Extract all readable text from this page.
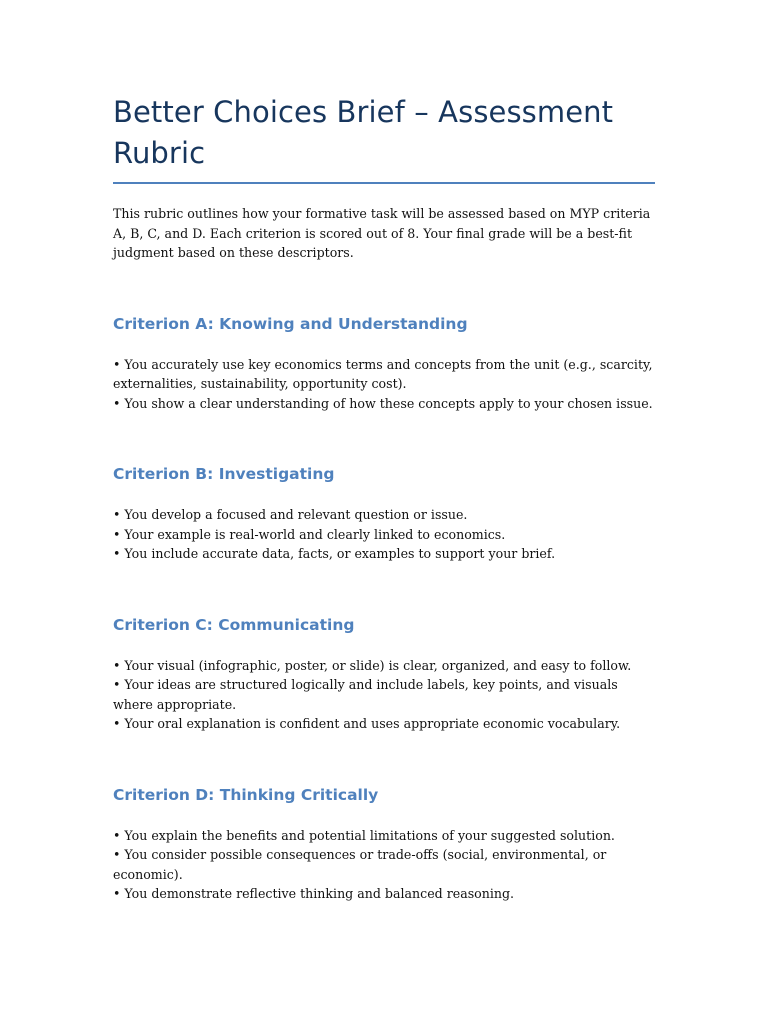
Better Choices Brief – Assessment Rubric

This rubric outlines how your formative task will be assessed based on MYP criteria A, B, C, and D. Each criterion is scored out of 8. Your final grade will be a best-fit judgment based on these descriptors.

Criterion A: Knowing and Understanding
• You accurately use key economics terms and concepts from the unit (e.g., scarcity, externalities, sustainability, opportunity cost).
• You show a clear understanding of how these concepts apply to your chosen issue.
Criterion B: Investigating
• You develop a focused and relevant question or issue.
• Your example is real-world and clearly linked to economics.
• You include accurate data, facts, or examples to support your brief.
Criterion C: Communicating
• Your visual (infographic, poster, or slide) is clear, organized, and easy to follow.
• Your ideas are structured logically and include labels, key points, and visuals where appropriate.
• Your oral explanation is confident and uses appropriate economic vocabulary.
Criterion D: Thinking Critically
• You explain the benefits and potential limitations of your suggested solution.
• You consider possible consequences or trade-offs (social, environmental, or economic).
• You demonstrate reflective thinking and balanced reasoning.
